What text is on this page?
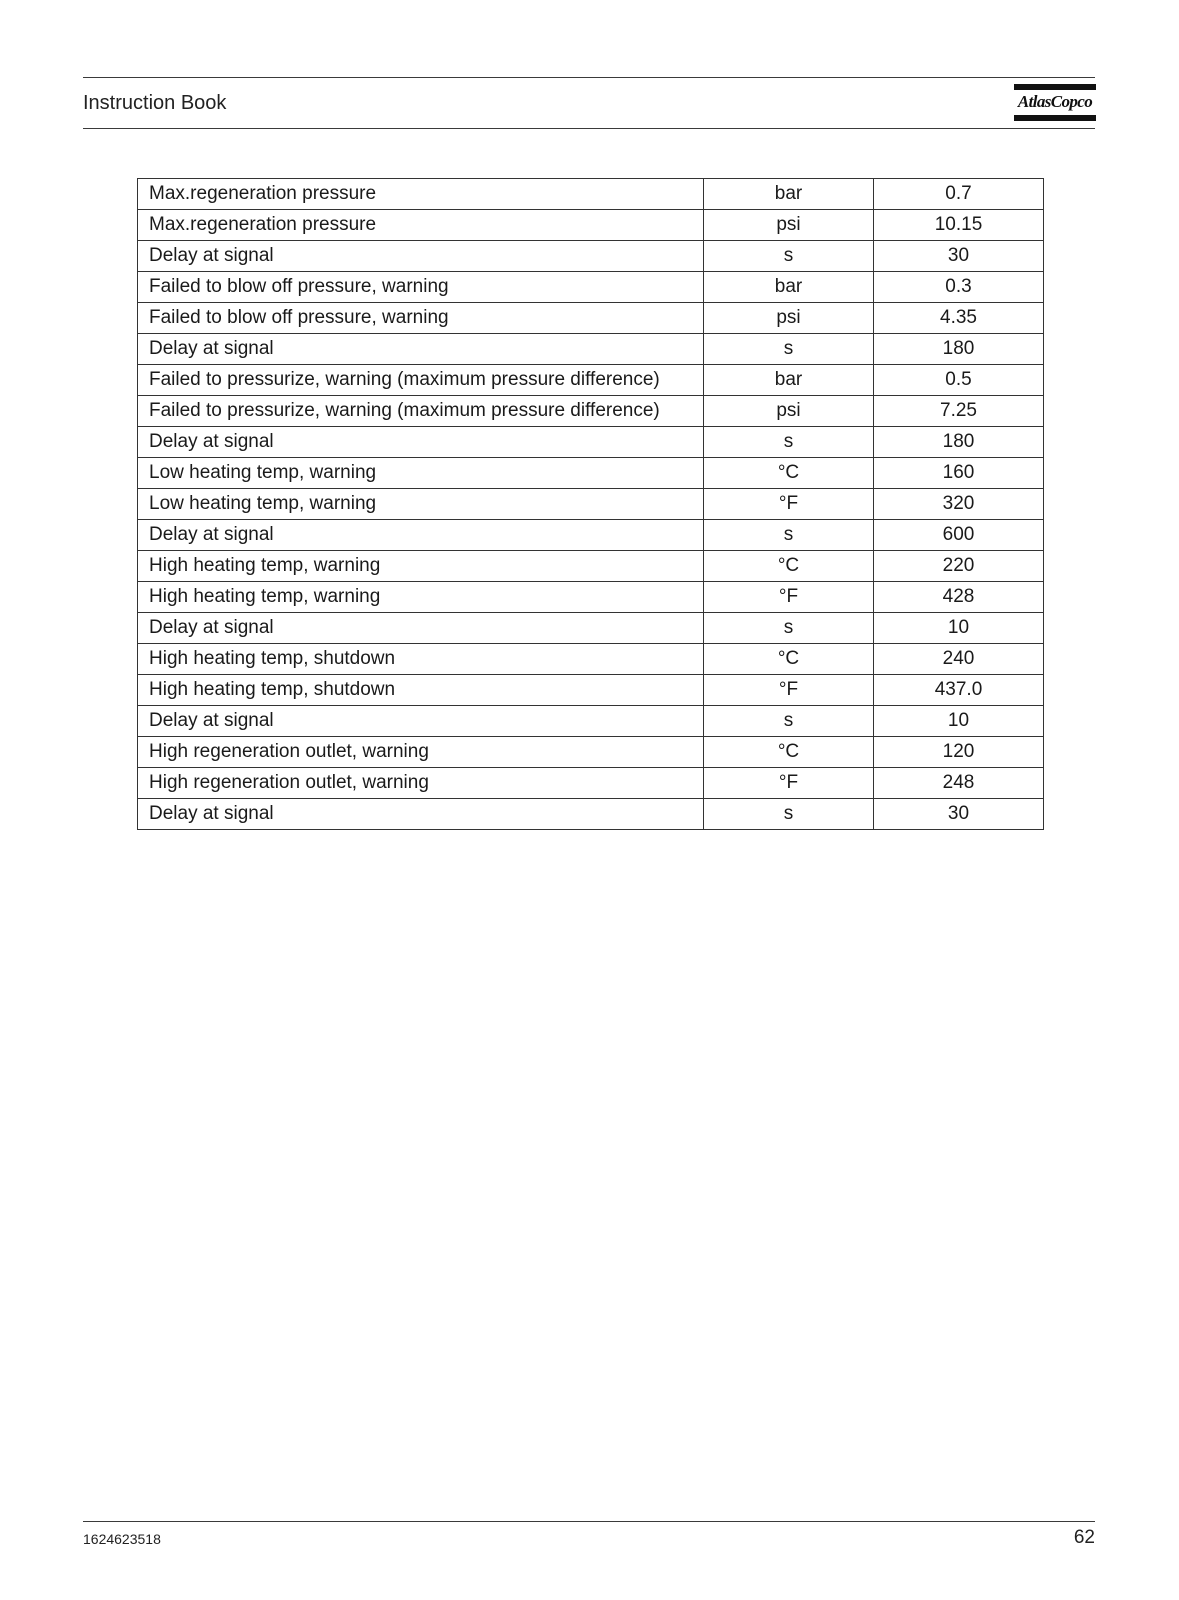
Instruction Book	AtlasCopco
Max.regeneration pressure	bar	0.7
Max.regeneration pressure	psi	10.15
Delay at signal	s	30
Failed to blow off pressure, warning	bar	0.3
Failed to blow off pressure, warning	psi	4.35
Delay at signal	s	180
Failed to pressurize, warning (maximum pressure difference)	bar	0.5
Failed to pressurize, warning (maximum pressure difference)	psi	7.25
Delay at signal	s	180
Low heating temp, warning	°C	160
Low heating temp, warning	°F	320
Delay at signal	s	600
High heating temp, warning	°C	220
High heating temp, warning	°F	428
Delay at signal	s	10
High heating temp, shutdown	°C	240
High heating temp, shutdown	°F	437.0
Delay at signal	s	10
High regeneration outlet, warning	°C	120
High regeneration outlet, warning	°F	248
Delay at signal	s	30
1624623518	62
